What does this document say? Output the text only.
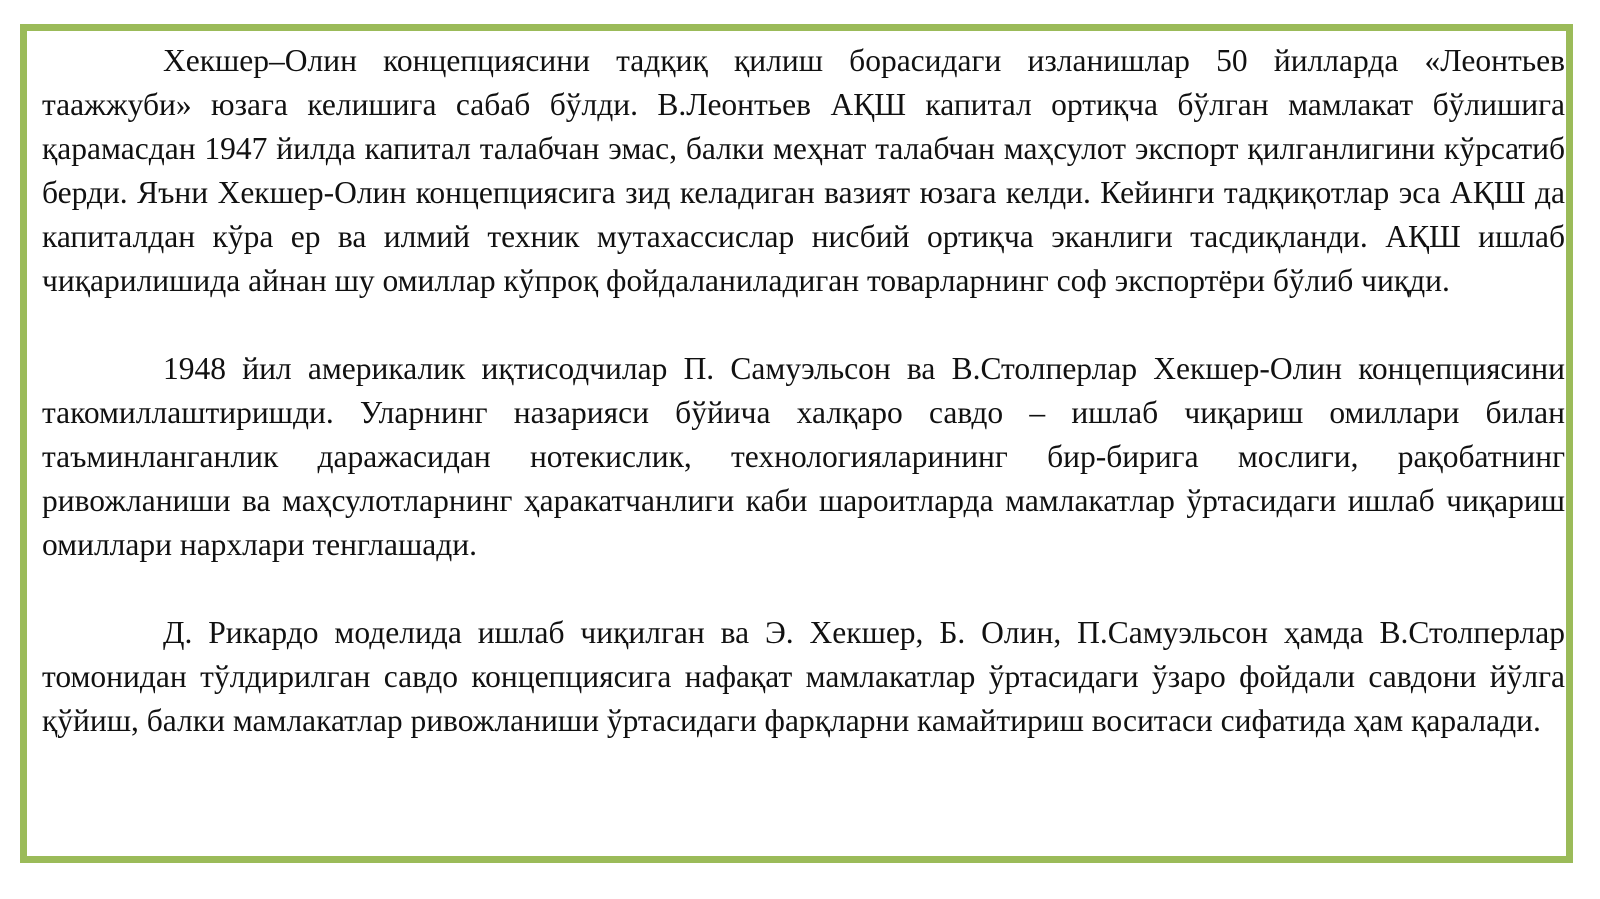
Хекшер–Олин концепциясини тадқиқ қилиш борасидаги изланишлар 50 йилларда «Леонтьев таажжуби» юзага келишига сабаб бўлди. В.Леонтьев АҚШ капитал ортиқча бўлган мамлакат бўлишига қарамасдан 1947 йилда капитал талабчан эмас, балки меҳнат талабчан маҳсулот экспорт қилганлигини кўрсатиб берди. Яъни Хекшер-Олин концепциясига зид келадиган вазият юзага келди. Кейинги тадқиқотлар эса АҚШ да капиталдан кўра ер ва илмий техник мутахассислар нисбий ортиқча эканлиги тасдиқланди. АҚШ ишлаб чиқарилишида айнан шу омиллар кўпроқ фойдаланиладиган товарларнинг соф экспортёри бўлиб чиқди.

1948 йил америкалик иқтисодчилар П. Самуэльсон ва В.Столперлар Хекшер-Олин концепциясини такомиллаштиришди. Уларнинг назарияси бўйича халқаро савдо – ишлаб чиқариш омиллари билан таъминланганлик даражасидан нотекислик, технологияларининг бир-бирига мослиги, рақобатнинг ривожланиши ва маҳсулотларнинг ҳаракатчанлиги каби шароитларда мамлакатлар ўртасидаги ишлаб чиқариш омиллари нархлари тенглашади.

Д. Рикардо моделида ишлаб чиқилган ва Э. Хекшер, Б. Олин, П.Самуэльсон ҳамда В.Столперлар томонидан тўлдирилган савдо концепциясига нафақат мамлакатлар ўртасидаги ўзаро фойдали савдони йўлга қўйиш, балки мамлакатлар ривожланиши ўртасидаги фарқларни камайтириш воситаси сифатида ҳам қаралади.
